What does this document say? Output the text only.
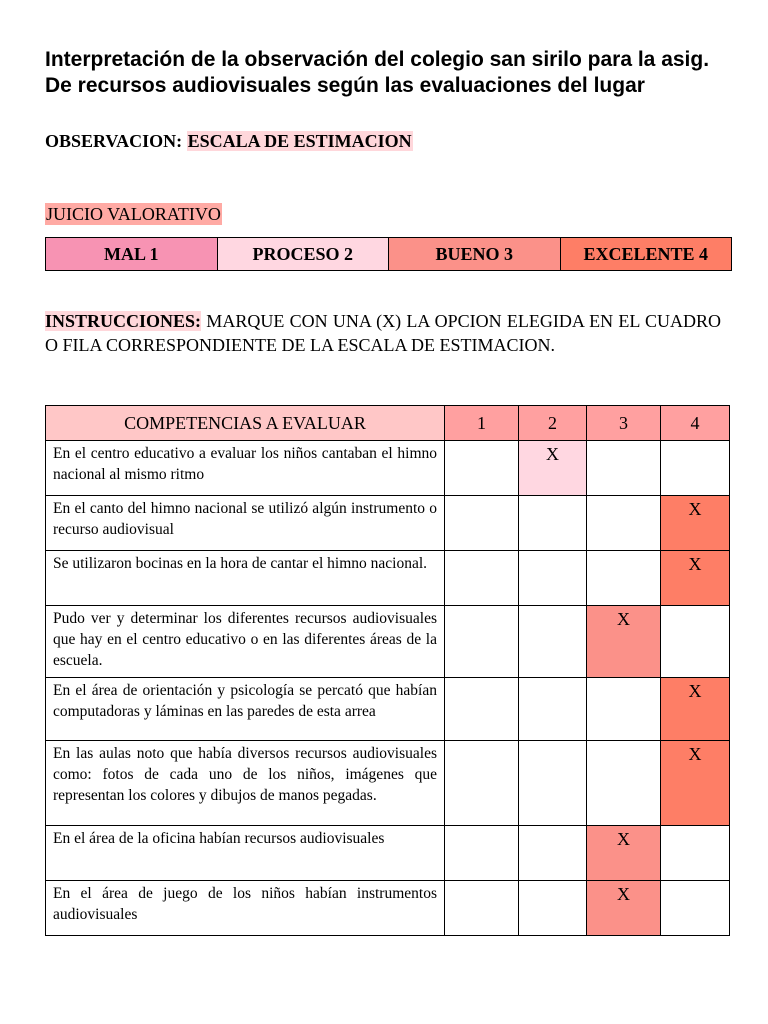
Interpretación de la observación del colegio san sirilo para la asig. De recursos audiovisuales según las evaluaciones del lugar
OBSERVACION: ESCALA DE ESTIMACION
JUICIO VALORATIVO
MAL 1	PROCESO 2	BUENO 3	EXCELENTE 4

INSTRUCCIONES: MARQUE CON UNA (X) LA OPCION ELEGIDA EN EL CUADRO O FILA CORRESPONDIENTE DE LA ESCALA DE ESTIMACION.

COMPETENCIAS A EVALUAR	1	2	3	4
En el centro educativo a evaluar los niños cantaban el himno nacional al mismo ritmo		X		
En el canto del himno nacional se utilizó algún instrumento o recurso audiovisual				X
Se utilizaron bocinas en la hora de cantar el himno nacional.				X
Pudo ver y determinar los diferentes recursos audiovisuales que hay en el centro educativo o en las diferentes áreas de la escuela.			X	
En el área de orientación y psicología se percató que habían computadoras y láminas en las paredes de esta arrea				X
En las aulas noto que había diversos recursos audiovisuales como: fotos de cada uno de los niños, imágenes que representan los colores y dibujos de manos pegadas.				X
En el área de la oficina habían recursos audiovisuales			X	
En el área de juego de los niños habían instrumentos audiovisuales			X	
